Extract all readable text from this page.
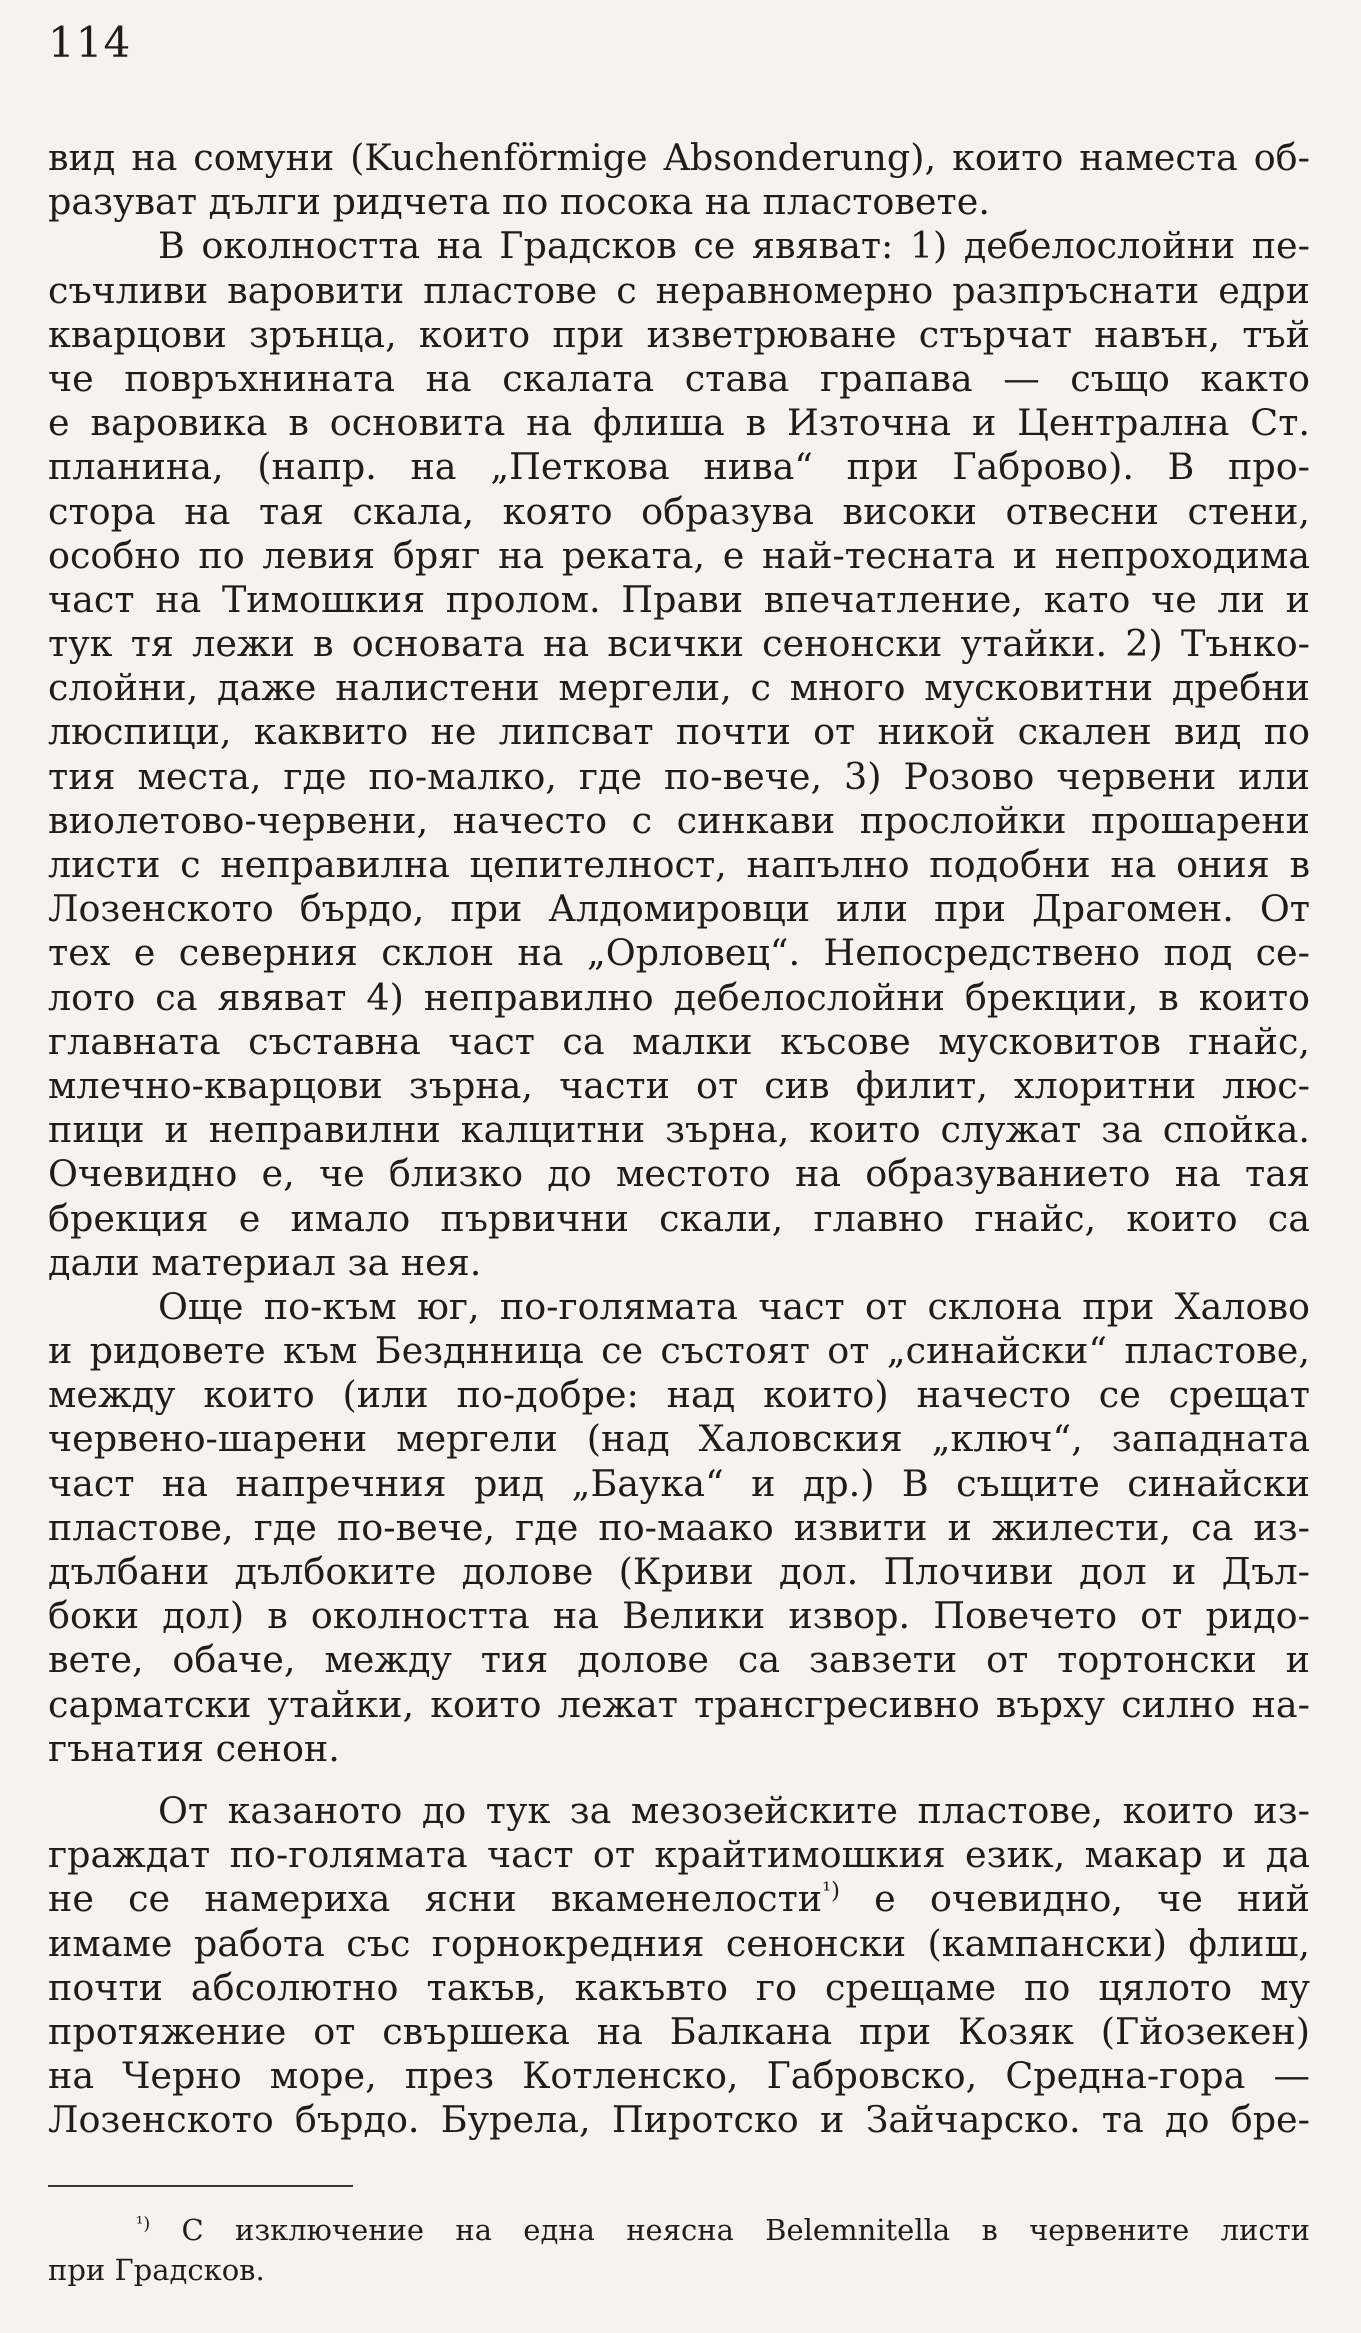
114
вид на сомуни (Kuchenförmige Absonderung), които наместа об-
разуват дълги ридчета по посока на пластовете.
В околността на Градсков се явяват: 1) дебелослойни пе-
съчливи варовити пластове с неравномерно разпръснати едри
кварцови зрънца, които при изветрюване стърчат навън, тъй
че повръхнината на скалата става грапава — също както
е варовика в основита на флиша в Източна и Централна Ст.
планина, (напр. на „Петкова нива“ при Габрово). В про-
стора на тая скала, която образува високи отвесни стени,
особно по левия бряг на реката, е най-тесната и непроходима
част на Тимошкия пролом. Прави впечатление, като че ли и
тук тя лежи в основата на всички сенонски утайки. 2) Тънко-
слойни, даже налистени мергели, с много мусковитни дребни
люспици, каквито не липсват почти от никой скален вид по
тия места, где по-малко, где по-вече, 3) Розово червени или
виолетово-червени, начесто с синкави прослойки прошарени
листи с неправилна цепителност, напълно подобни на ония в
Лозенското бърдо, при Алдомировци или при Драгомен. От
тех е северния склон на „Орловец“. Непосредствено под се-
лото са явяват 4) неправилно дебелослойни брекции, в които
главната съставна част са малки късове мусковитов гнайс,
млечно-кварцови зърна, части от сив филит, хлоритни люс-
пици и неправилни калцитни зърна, които служат за спойка.
Очевидно е, че близко до местото на образуванието на тая
брекция е имало първични скали, главно гнайс, които са
дали материал за нея.
Още по-към юг, по-голямата част от склона при Халово
и ридовете към Безднница се състоят от „синайски“ пластове,
между които (или по-добре: над които) начесто се срещат
червено-шарени мергели (над Халовския „ключ“, западната
част на напречния рид „Баука“ и др.) В същите синайски
пластове, где по-вече, где по-маако извити и жилести, са из-
дълбани дълбоките долове (Криви дол. Плочиви дол и Дъл-
боки дол) в околността на Велики извор. Повечето от ридо-
вете, обаче, между тия долове са завзети от тортонски и
сарматски утайки, които лежат трансгресивно върху силно на-
гънатия сенон.
От казаното до тук за мезозейските пластове, които из-
граждат по-голямата част от крайтимошкия език, макар и да
не се намериха ясни вкаменелости$^{^1)}$ е очевидно, че ний
имаме работа със горнокредния сенонски (кампански) флиш,
почти абсолютно такъв, какъвто го срещаме по цялото му
протяжение от свършека на Балкана при Козяк (Гйозекен)
на Черно море, през Котленско, Габровско, Средна-гора —
Лозенското бърдо. Бурела, Пиротско и Зайчарско. та до бре-
$^{^1)}$ С изключение на една неясна Belemnitella в червените листи
при Градсков.
